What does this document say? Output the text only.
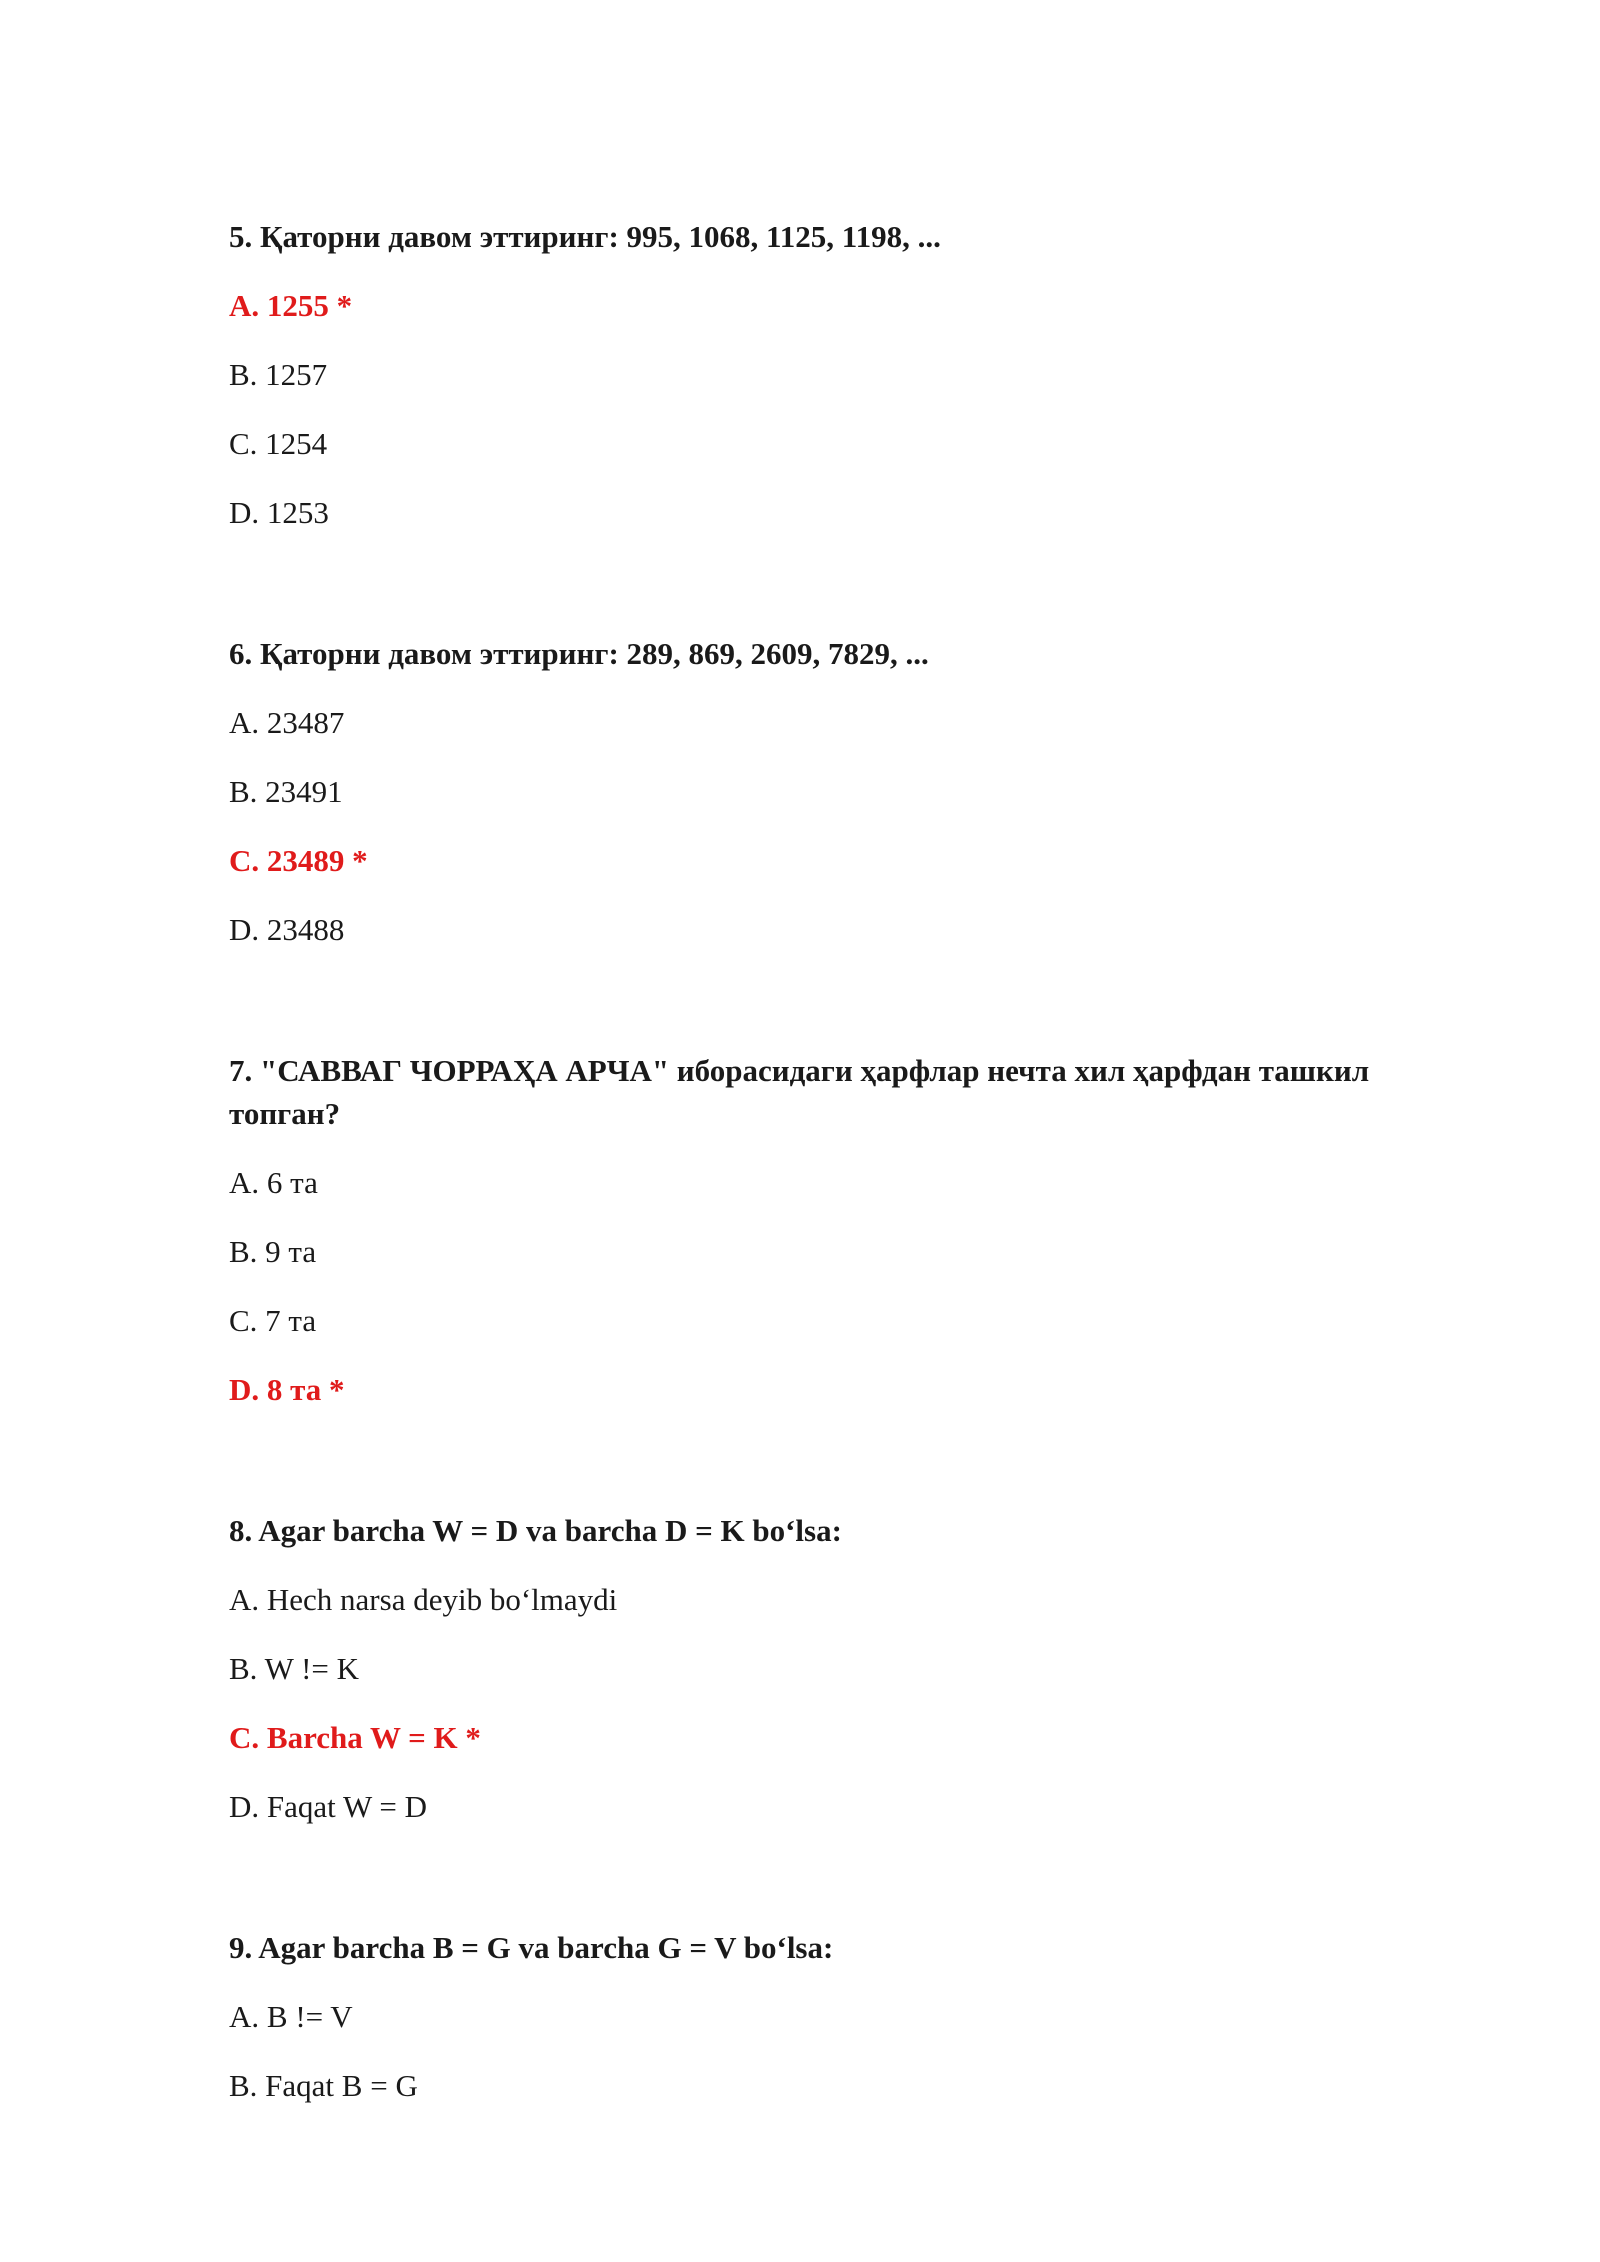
5. Қаторни давом эттиринг: 995, 1068, 1125, 1198, ...

A. 1255 *

B. 1257

C. 1254

D. 1253

6. Қаторни давом эттиринг: 289, 869, 2609, 7829, ...

A. 23487

B. 23491

C. 23489 *

D. 23488

7. "САВВАГ ЧОРРАҲА АРЧА" иборасидаги ҳарфлар нечта хил ҳарфдан ташкил топган?

A. 6 та

B. 9 та

C. 7 та

D. 8 та *

8. Agar barcha W = D va barcha D = K bo‘lsa:

A. Hech narsa deyib bo‘lmaydi

B. W != K

C. Barcha W = K *

D. Faqat W = D

9. Agar barcha B = G va barcha G = V bo‘lsa:

A. B != V

B. Faqat B = G
